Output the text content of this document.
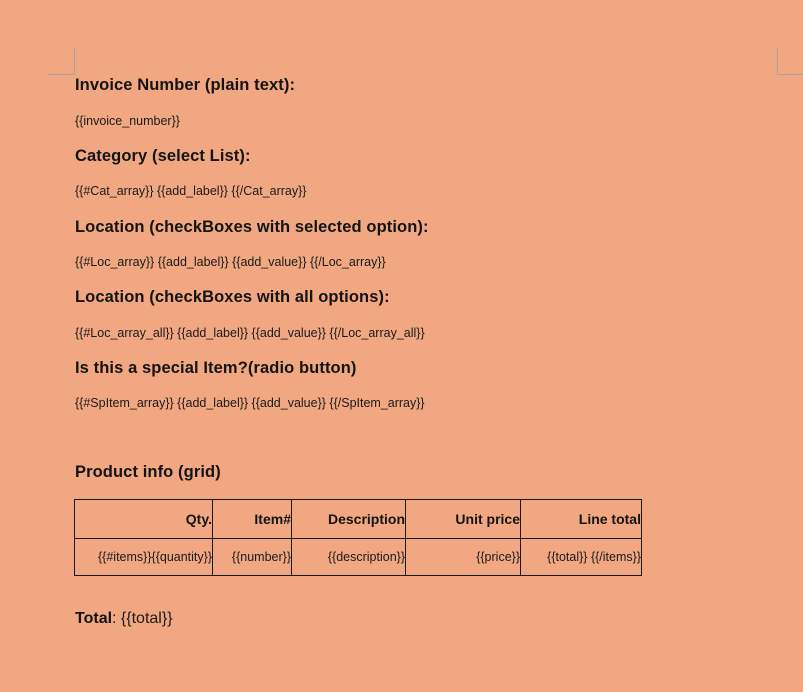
Invoice Number (plain text):
{{invoice_number}}
Category (select List):
{{#Cat_array}} {{add_label}} {{/Cat_array}}
Location (checkBoxes with selected option):
{{#Loc_array}} {{add_label}} {{add_value}} {{/Loc_array}}
Location (checkBoxes with all options):
{{#Loc_array_all}} {{add_label}} {{add_value}} {{/Loc_array_all}}
Is this a special Item?(radio button)
{{#SpItem_array}} {{add_label}} {{add_value}} {{/SpItem_array}}
Product info (grid)
Qty.	Item#	Description	Unit price	Line total
{{#items}}{{quantity}}	{{number}}	{{description}}	{{price}}	{{total}} {{/items}}
Total: {{total}}
